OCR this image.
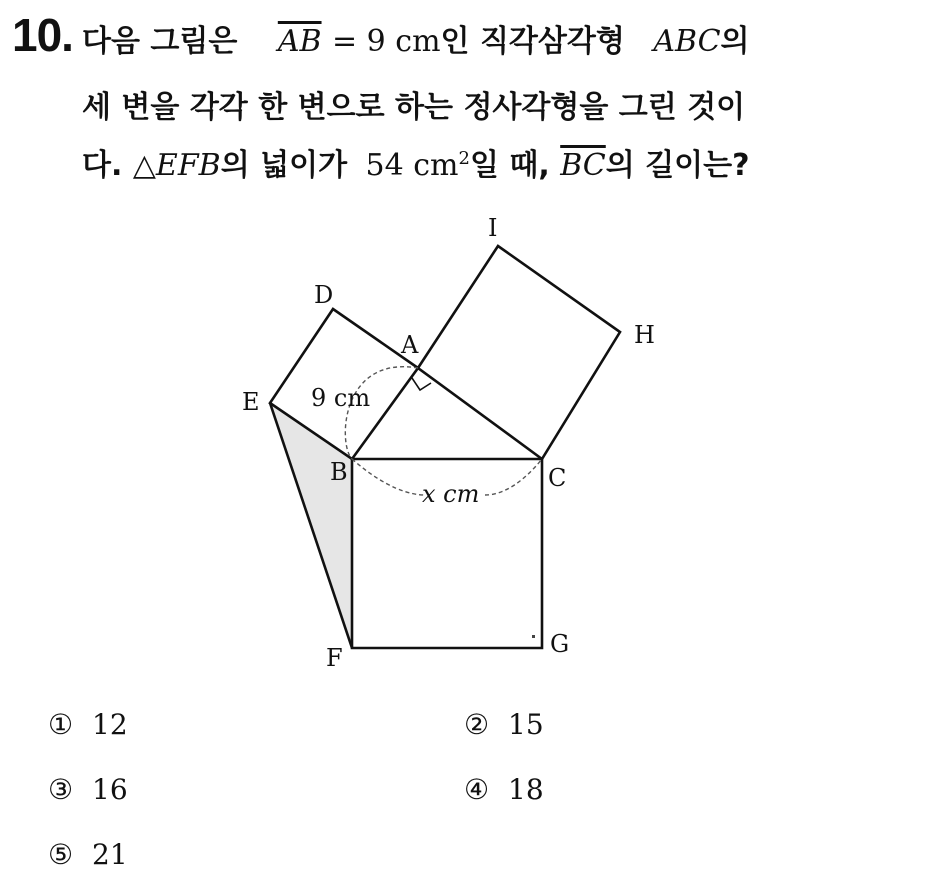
10. 다음 그림은 $\overline{AB} = 9$ cm인 직각삼각형 ABC의
세 변을 각각 한 변으로 하는 정사각형을 그린 것이
다. △EFB의 넓이가 54 $cm^2$일 때, $\overline{BC}$의 길이는?
I
D
H
A
E
B	C
F	G
9 cm
x cm
① 12	② 15
③ 16	④ 18
⑤ 21
